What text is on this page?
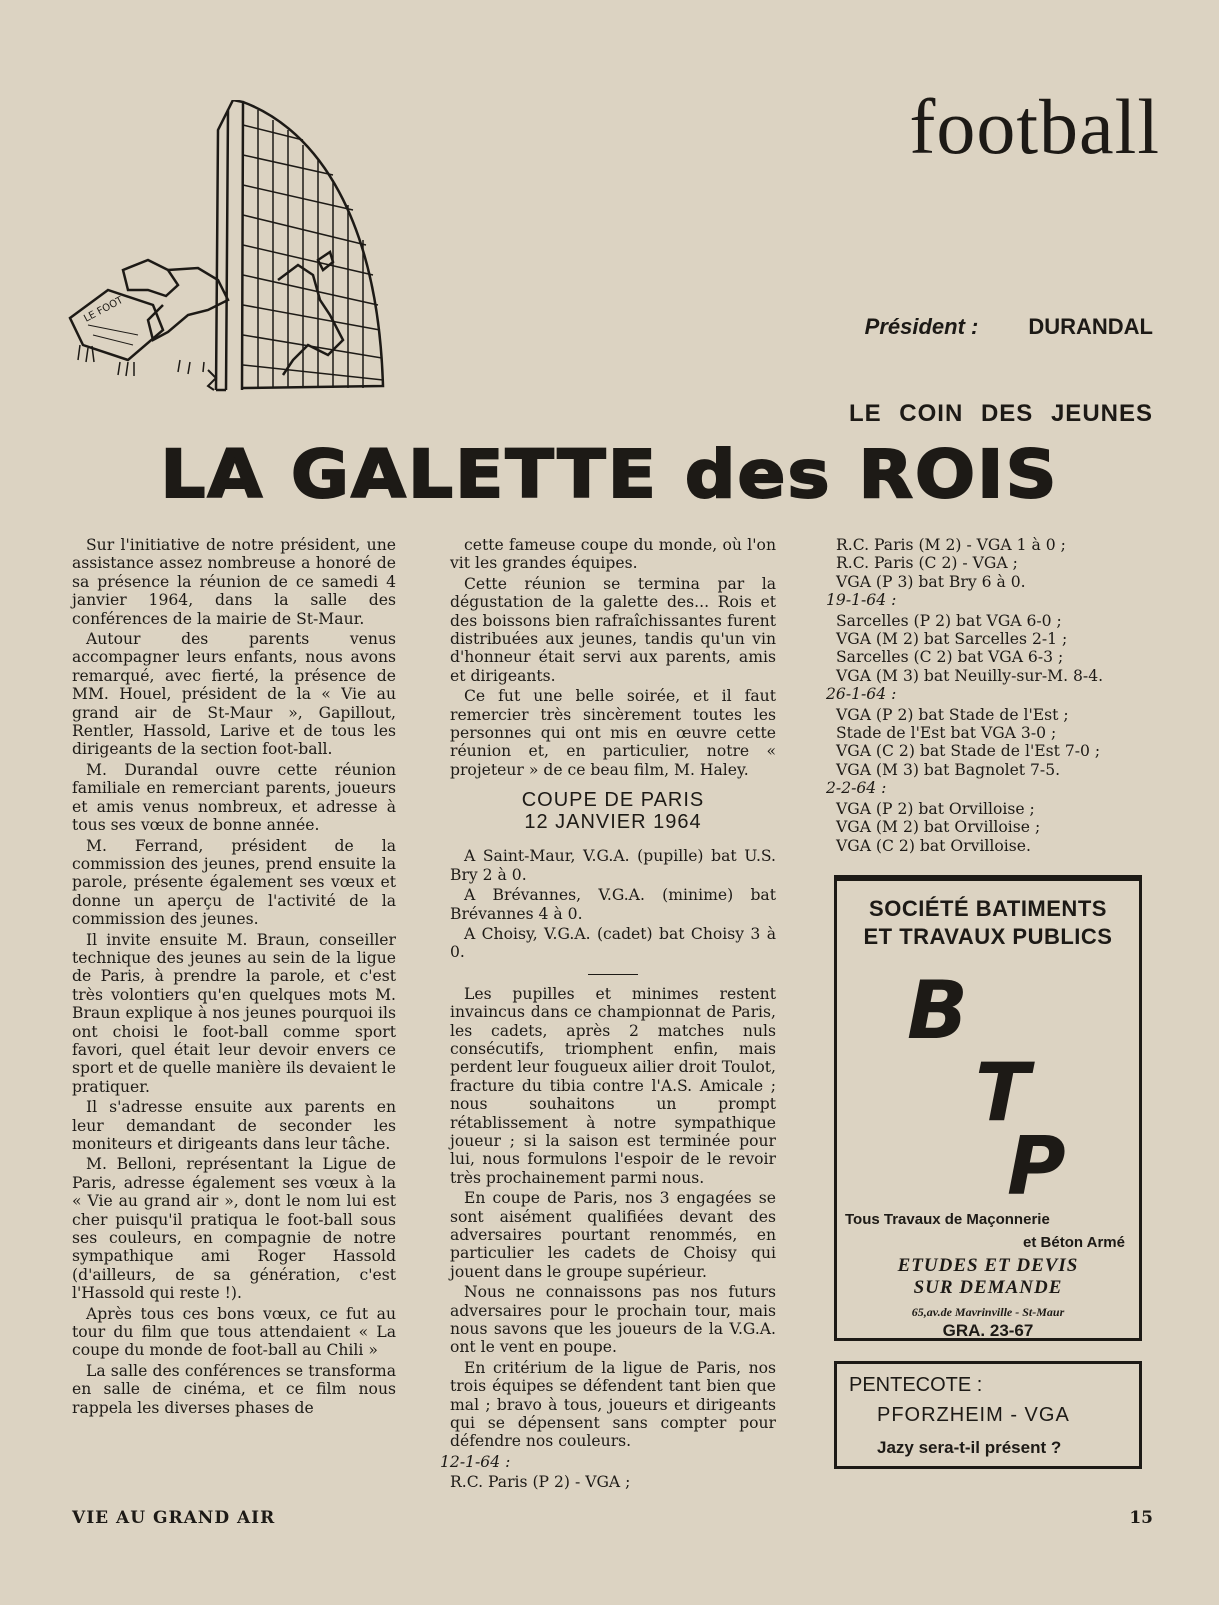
LE FOOT
football
Président : DURANDAL
LE COIN DES JEUNES
LA GALETTE des ROIS

Sur l'initiative de notre président, une assistance assez nombreuse a honoré de sa présence la réunion de ce samedi 4 janvier 1964, dans la salle des conférences de la mairie de St-Maur.

Autour des parents venus accompagner leurs enfants, nous avons remarqué, avec fierté, la présence de MM. Houel, président de la « Vie au grand air de St-Maur », Gapillout, Rentler, Hassold, Larive et de tous les dirigeants de la section foot-ball.

M. Durandal ouvre cette réunion familiale en remerciant parents, joueurs et amis venus nombreux, et adresse à tous ses vœux de bonne année.

M. Ferrand, président de la commission des jeunes, prend ensuite la parole, présente également ses vœux et donne un aperçu de l'activité de la commission des jeunes.

Il invite ensuite M. Braun, conseiller technique des jeunes au sein de la ligue de Paris, à prendre la parole, et c'est très volontiers qu'en quelques mots M. Braun explique à nos jeunes pourquoi ils ont choisi le foot-ball comme sport favori, quel était leur devoir envers ce sport et de quelle manière ils devaient le pratiquer.

Il s'adresse ensuite aux parents en leur demandant de seconder les moniteurs et dirigeants dans leur tâche.

M. Belloni, représentant la Ligue de Paris, adresse également ses vœux à la « Vie au grand air », dont le nom lui est cher puisqu'il pratiqua le foot-ball sous ses couleurs, en compagnie de notre sympathique ami Roger Hassold (d'ailleurs, de sa génération, c'est l'Hassold qui reste !).

Après tous ces bons vœux, ce fut au tour du film que tous attendaient « La coupe du monde de foot-ball au Chili »

La salle des conférences se transforma en salle de cinéma, et ce film nous rappela les diverses phases de

cette fameuse coupe du monde, où l'on vit les grandes équipes.

Cette réunion se termina par la dégustation de la galette des... Rois et des boissons bien rafraîchissantes furent distribuées aux jeunes, tandis qu'un vin d'honneur était servi aux parents, amis et dirigeants.

Ce fut une belle soirée, et il faut remercier très sincèrement toutes les personnes qui ont mis en œuvre cette réunion et, en particulier, notre « projeteur » de ce beau film, M. Haley.

COUPE DE PARIS
12 JANVIER 1964

A Saint-Maur, V.G.A. (pupille) bat U.S. Bry 2 à 0.

A Brévannes, V.G.A. (minime) bat Brévannes 4 à 0.

A Choisy, V.G.A. (cadet) bat Choisy 3 à 0.

Les pupilles et minimes restent invaincus dans ce championnat de Paris, les cadets, après 2 matches nuls consécutifs, triomphent enfin, mais perdent leur fougueux ailier droit Toulot, fracture du tibia contre l'A.S. Amicale ; nous souhaitons un prompt rétablissement à notre sympathique joueur ; si la saison est terminée pour lui, nous formulons l'espoir de le revoir très prochainement parmi nous.

En coupe de Paris, nos 3 engagées se sont aisément qualifiées devant des adversaires pourtant renommés, en particulier les cadets de Choisy qui jouent dans le groupe supérieur.

Nous ne connaissons pas nos futurs adversaires pour le prochain tour, mais nous savons que les joueurs de la V.G.A. ont le vent en poupe.

En critérium de la ligue de Paris, nos trois équipes se défendent tant bien que mal ; bravo à tous, joueurs et dirigeants qui se dépensent sans compter pour défendre nos couleurs.

12-1-64 :

R.C. Paris (P 2) - VGA ;

R.C. Paris (M 2) - VGA 1 à 0 ;

R.C. Paris (C 2) - VGA ;

VGA (P 3) bat Bry 6 à 0.

19-1-64 :

Sarcelles (P 2) bat VGA 6-0 ;

VGA (M 2) bat Sarcelles 2-1 ;

Sarcelles (C 2) bat VGA 6-3 ;

VGA (M 3) bat Neuilly-sur-M. 8-4.

26-1-64 :

VGA (P 2) bat Stade de l'Est ;

Stade de l'Est bat VGA 3-0 ;

VGA (C 2) bat Stade de l'Est 7-0 ;

VGA (M 3) bat Bagnolet 7-5.

2-2-64 :

VGA (P 2) bat Orvilloise ;

VGA (M 2) bat Orvilloise ;

VGA (C 2) bat Orvilloise.

SOCIÉTÉ BATIMENTS
ET TRAVAUX PUBLICS
B
T
P
Tous Travaux de Maçonnerie
et Béton Armé
ETUDES ET DEVIS
SUR DEMANDE
65,av.de Mavrinville - St-Maur
GRA. 23-67
PENTECOTE :
PFORZHEIM - VGA
Jazy sera-t-il présent ?
VIE AU GRAND AIR	15
